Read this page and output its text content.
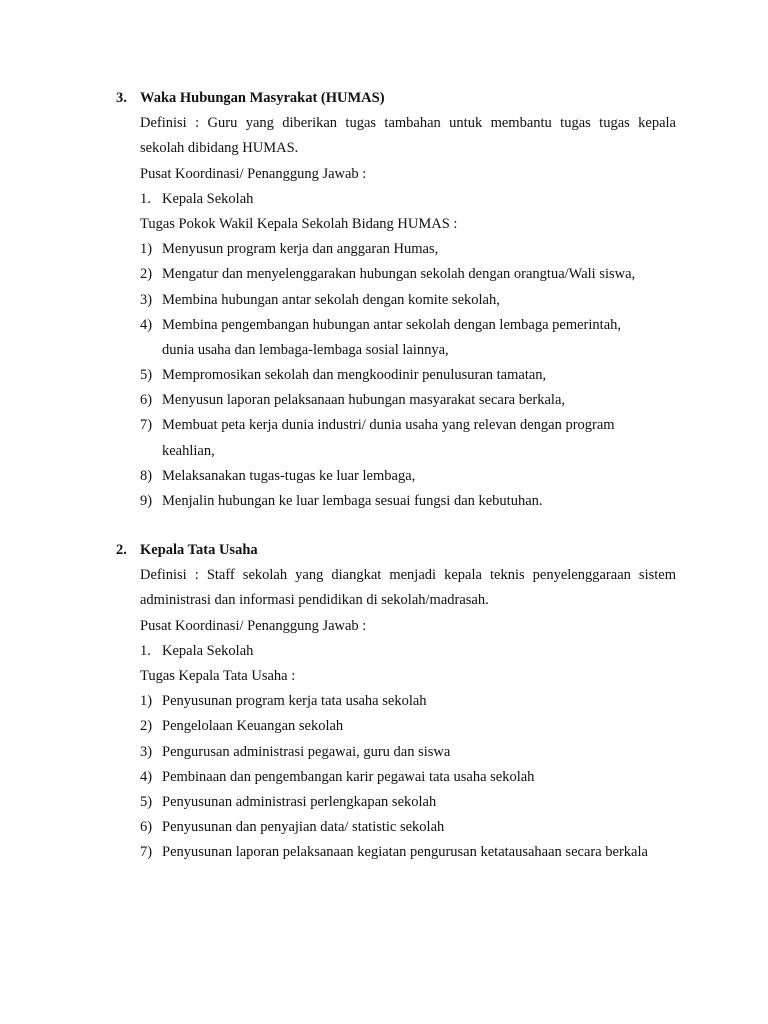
3. Waka Hubungan Masyrakat (HUMAS)
Definisi : Guru yang diberikan tugas tambahan untuk membantu tugas tugas kepala
sekolah dibidang HUMAS.
Pusat Koordinasi/ Penanggung Jawab :
1. Kepala Sekolah
Tugas Pokok Wakil Kepala Sekolah Bidang HUMAS :
1) Menyusun program kerja dan anggaran Humas,
2) Mengatur dan menyelenggarakan hubungan sekolah dengan orangtua/Wali siswa,
3) Membina hubungan antar sekolah dengan komite sekolah,
4) Membina pengembangan hubungan antar sekolah dengan lembaga pemerintah,
dunia usaha dan lembaga-lembaga sosial lainnya,
5) Mempromosikan sekolah dan mengkoodinir penulusuran tamatan,
6) Menyusun laporan pelaksanaan hubungan masyarakat secara berkala,
7) Membuat peta kerja dunia industri/ dunia usaha yang relevan dengan program
keahlian,
8) Melaksanakan tugas-tugas ke luar lembaga,
9) Menjalin hubungan ke luar lembaga sesuai fungsi dan kebutuhan.
2. Kepala Tata Usaha
Definisi : Staff sekolah yang diangkat menjadi kepala teknis penyelenggaraan sistem
administrasi dan informasi pendidikan di sekolah/madrasah.
Pusat Koordinasi/ Penanggung Jawab :
1. Kepala Sekolah
Tugas Kepala Tata Usaha :
1) Penyusunan program kerja tata usaha sekolah
2) Pengelolaan Keuangan sekolah
3) Pengurusan administrasi pegawai, guru dan siswa
4) Pembinaan dan pengembangan karir pegawai tata usaha sekolah
5) Penyusunan administrasi perlengkapan sekolah
6) Penyusunan dan penyajian data/ statistic sekolah
7) Penyusunan laporan pelaksanaan kegiatan pengurusan ketatausahaan secara berkala
